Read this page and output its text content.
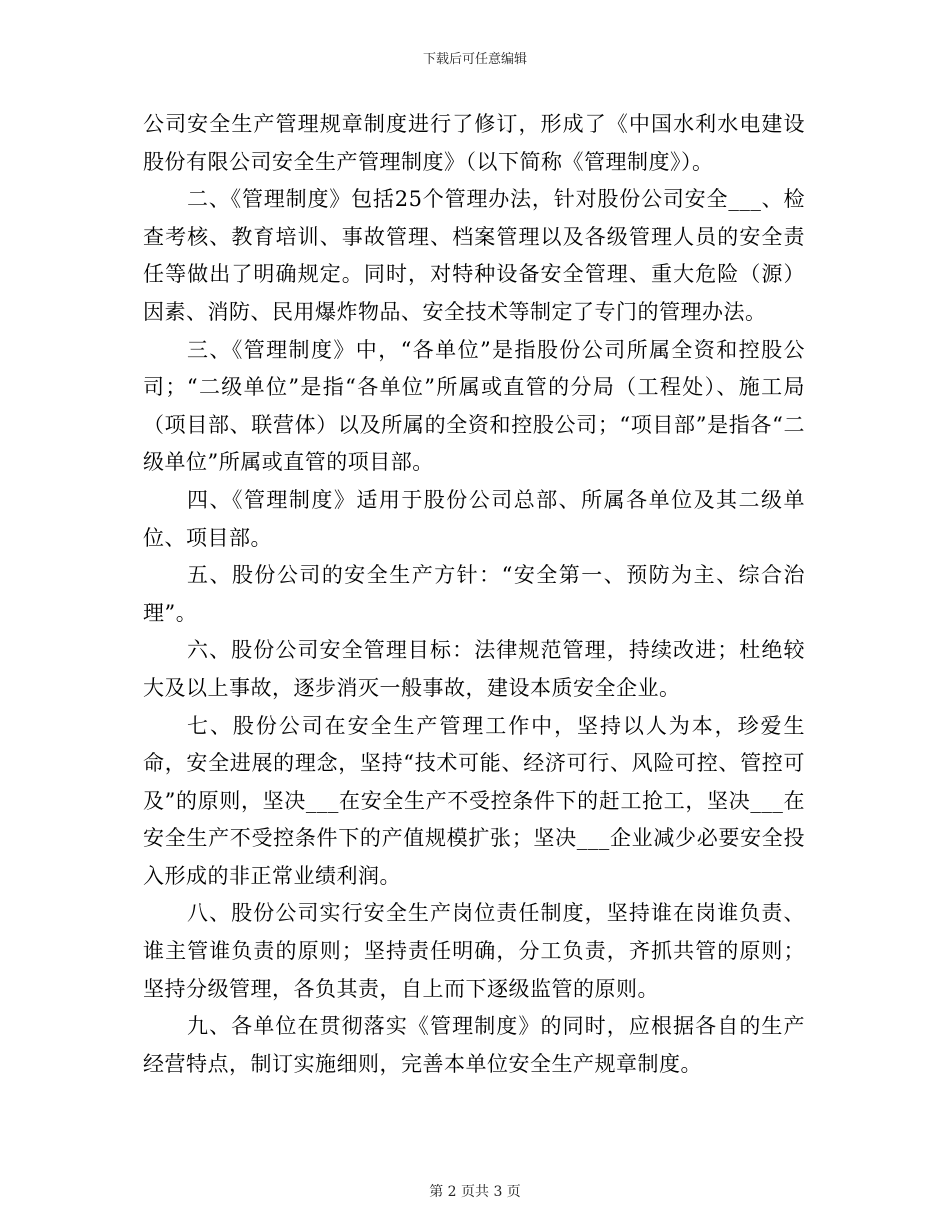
下载后可任意编辑

公司安全生产管理规章制度进行了修订，形成了《中国水利水电建设股份有限公司安全生产管理制度》（以下简称《管理制度》）。

二、《管理制度》包括25个管理办法，针对股份公司安全___、检查考核、教育培训、事故管理、档案管理以及各级管理人员的安全责任等做出了明确规定。同时，对特种设备安全管理、重大危险（源）因素、消防、民用爆炸物品、安全技术等制定了专门的管理办法。

三、《管理制度》中，“各单位”是指股份公司所属全资和控股公司；“二级单位”是指“各单位”所属或直管的分局（工程处）、施工局（项目部、联营体）以及所属的全资和控股公司；“项目部”是指各“二级单位”所属或直管的项目部。

四、《管理制度》适用于股份公司总部、所属各单位及其二级单位、项目部。

五、股份公司的安全生产方针：“安全第一、预防为主、综合治理”。

六、股份公司安全管理目标：法律规范管理，持续改进；杜绝较大及以上事故，逐步消灭一般事故，建设本质安全企业。

七、股份公司在安全生产管理工作中，坚持以人为本，珍爱生命，安全进展的理念，坚持“技术可能、经济可行、风险可控、管控可及”的原则，坚决___在安全生产不受控条件下的赶工抢工，坚决___在安全生产不受控条件下的产值规模扩张；坚决___企业减少必要安全投入形成的非正常业绩利润。

八、股份公司实行安全生产岗位责任制度，坚持谁在岗谁负责、谁主管谁负责的原则；坚持责任明确，分工负责，齐抓共管的原则；坚持分级管理，各负其责，自上而下逐级监管的原则。

九、各单位在贯彻落实《管理制度》的同时，应根据各自的生产经营特点，制订实施细则，完善本单位安全生产规章制度。

第 2 页共 3 页
